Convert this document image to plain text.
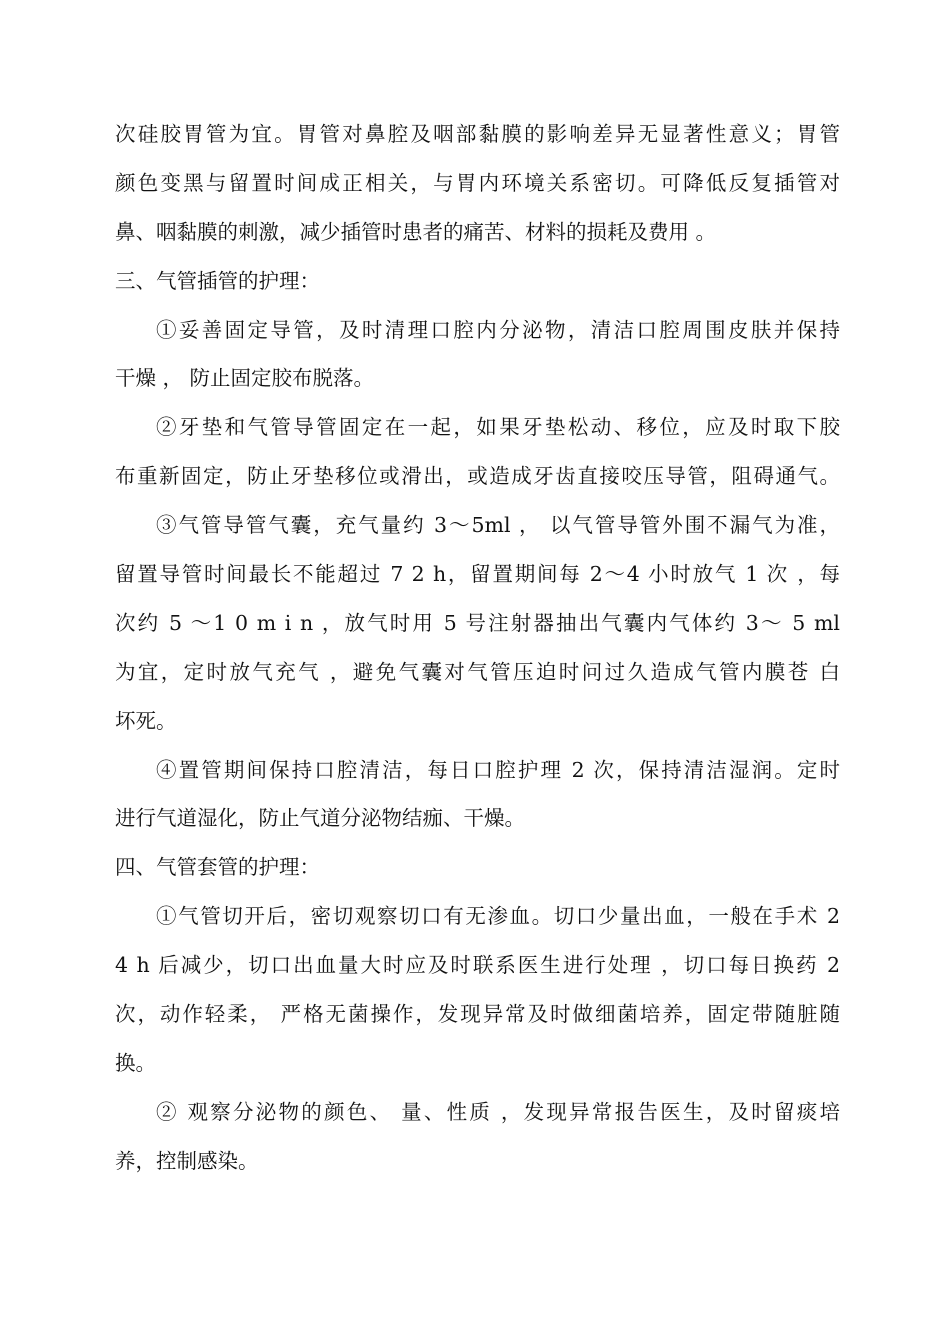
次硅胶胃管为宜。胃管对鼻腔及咽部黏膜的影响差异无显著性意义；胃管
颜色变黑与留置时间成正相关，与胃内环境关系密切。可降低反复插管对
鼻、咽黏膜的刺激，减少插管时患者的痛苦、材料的损耗及费用 。
三、气管插管的护理：
①妥善固定导管，及时清理口腔内分泌物，清洁口腔周围皮肤并保持
干燥 ， 防止固定胶布脱落。
②牙垫和气管导管固定在一起，如果牙垫松动、移位，应及时取下胶
布重新固定，防止牙垫移位或滑出，或造成牙齿直接咬压导管，阻碍通气。
③气管导管气囊，充气量约 3～5ml ， 以气管导管外围不漏气为准，
留置导管时间最长不能超过 7 2 h，留置期间每 2～4 小时放气 1 次 ，每
次约 5 ～1 0 m i n ，放气时用 5 号注射器抽出气囊内气体约 3～ 5 ml
为宜，定时放气充气 ，避免气囊对气管压迫时问过久造成气管内膜苍 白
坏死。
④置管期间保持口腔清洁，每日口腔护理 2 次，保持清洁湿润。定时
进行气道湿化，防止气道分泌物结痂、干燥。
四、气管套管的护理：
①气管切开后，密切观察切口有无渗血。切口少量出血，一般在手术 2
4 h 后减少，切口出血量大时应及时联系医生进行处理 ，切口每日换药 2
次，动作轻柔， 严格无菌操作，发现异常及时做细菌培养，固定带随脏随
换。
② 观察分泌物的颜色、 量、性质 ，发现异常报告医生，及时留痰培
养，控制感染。
